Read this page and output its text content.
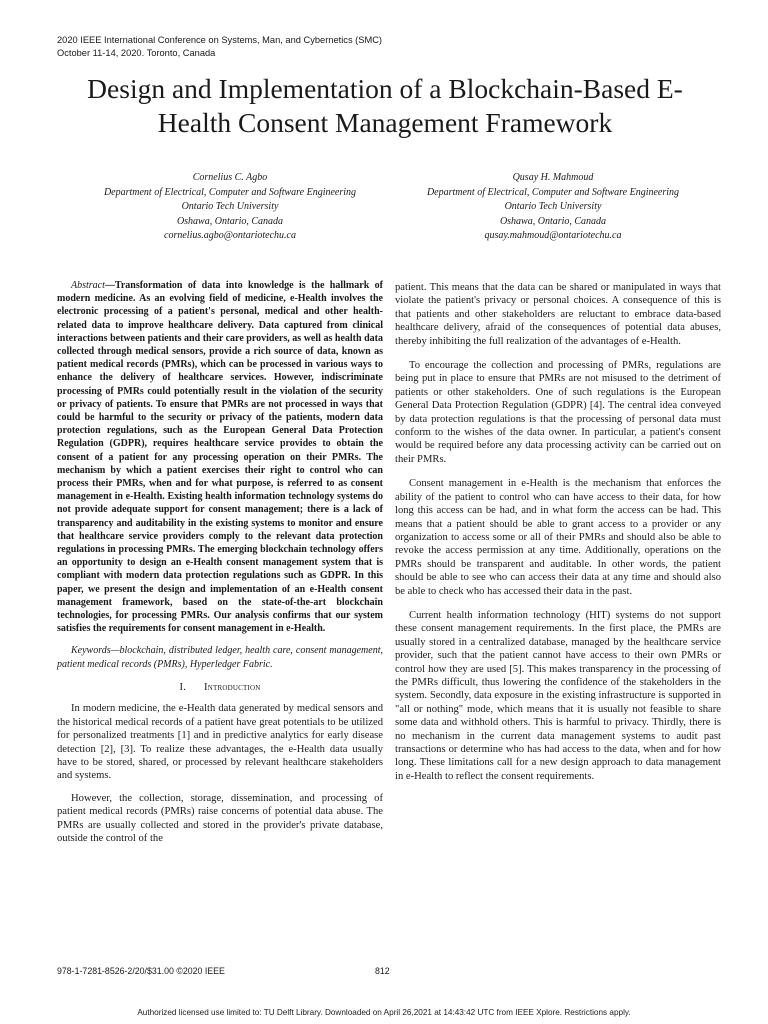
2020 IEEE International Conference on Systems, Man, and Cybernetics (SMC)
October 11-14, 2020. Toronto, Canada
Design and Implementation of a Blockchain-Based E-
Health Consent Management Framework
Cornelius C. Agbo
Department of Electrical, Computer and Software Engineering
Ontario Tech University
Oshawa, Ontario, Canada
cornelius.agbo@ontariotechu.ca
Qusay H. Mahmoud
Department of Electrical, Computer and Software Engineering
Ontario Tech University
Oshawa, Ontario, Canada
qusay.mahmoud@ontariotechu.ca

Abstract—Transformation of data into knowledge is the hallmark of modern medicine. As an evolving field of medicine, e-Health involves the electronic processing of a patient's personal, medical and other health-related data to improve healthcare delivery. Data captured from clinical interactions between patients and their care providers, as well as health data collected through medical sensors, provide a rich source of data, known as patient medical records (PMRs), which can be processed in various ways to enhance the delivery of healthcare services. However, indiscriminate processing of PMRs could potentially result in the violation of the security or privacy of patients. To ensure that PMRs are not processed in ways that could be harmful to the security or privacy of the patients, modern data protection regulations, such as the European General Data Protection Regulation (GDPR), requires healthcare service provides to obtain the consent of a patient for any processing operation on their PMRs. The mechanism by which a patient exercises their right to control who can process their PMRs, when and for what purpose, is referred to as consent management in e-Health. Existing health information technology systems do not provide adequate support for consent management; there is a lack of transparency and auditability in the existing systems to monitor and ensure that healthcare service providers comply to the relevant data protection regulations in processing PMRs. The emerging blockchain technology offers an opportunity to design an e-Health consent management system that is compliant with modern data protection regulations such as GDPR. In this paper, we present the design and implementation of an e-Health consent management framework, based on the state-of-the-art blockchain technologies, for processing PMRs. Our analysis confirms that our system satisfies the requirements for consent management in e-Health.

Keywords—blockchain, distributed ledger, health care, consent management, patient medical records (PMRs), Hyperledger Fabric.

I. Introduction

In modern medicine, the e-Health data generated by medical sensors and the historical medical records of a patient have great potentials to be utilized for personalized treatments [1] and in predictive analytics for early disease detection [2], [3]. To realize these advantages, the e-Health data usually have to be stored, shared, or processed by relevant healthcare stakeholders and systems.

However, the collection, storage, dissemination, and processing of patient medical records (PMRs) raise concerns of potential data abuse. The PMRs are usually collected and stored in the provider's private database, outside the control of the

patient. This means that the data can be shared or manipulated in ways that violate the patient's privacy or personal choices. A consequence of this is that patients and other stakeholders are reluctant to embrace data-based healthcare delivery, afraid of the consequences of potential data abuses, thereby inhibiting the full realization of the advantages of e-Health.

To encourage the collection and processing of PMRs, regulations are being put in place to ensure that PMRs are not misused to the detriment of patients or other stakeholders. One of such regulations is the European General Data Protection Regulation (GDPR) [4]. The central idea conveyed by data protection regulations is that the processing of personal data must conform to the wishes of the data owner. In particular, a patient's consent would be required before any data processing activity can be carried out on their PMRs.

Consent management in e-Health is the mechanism that enforces the ability of the patient to control who can have access to their data, for how long this access can be had, and in what form the access can be had. This means that a patient should be able to grant access to a provider or any organization to access some or all of their PMRs and should also be able to revoke the access permission at any time. Additionally, operations on the PMRs should be transparent and auditable. In other words, the patient should be able to see who can access their data at any time and should also be able to check who has accessed their data in the past.

Current health information technology (HIT) systems do not support these consent management requirements. In the first place, the PMRs are usually stored in a centralized database, managed by the healthcare service provider, such that the patient cannot have access to their own PMRs or control how they are used [5]. This makes transparency in the processing of the PMRs difficult, thus lowering the confidence of the stakeholders in the system. Secondly, data exposure in the existing infrastructure is supported in "all or nothing" mode, which means that it is usually not feasible to share some data and withhold others. This is harmful to privacy. Thirdly, there is no mechanism in the current data management systems to audit past transactions or determine who has had access to the data, when and for how long. These limitations call for a new design approach to data management in e-Health to reflect the consent requirements.

978-1-7281-8526-2/20/$31.00 ©2020 IEEE	812
Authorized licensed use limited to: TU Delft Library. Downloaded on April 26,2021 at 14:43:42 UTC from IEEE Xplore. Restrictions apply.
